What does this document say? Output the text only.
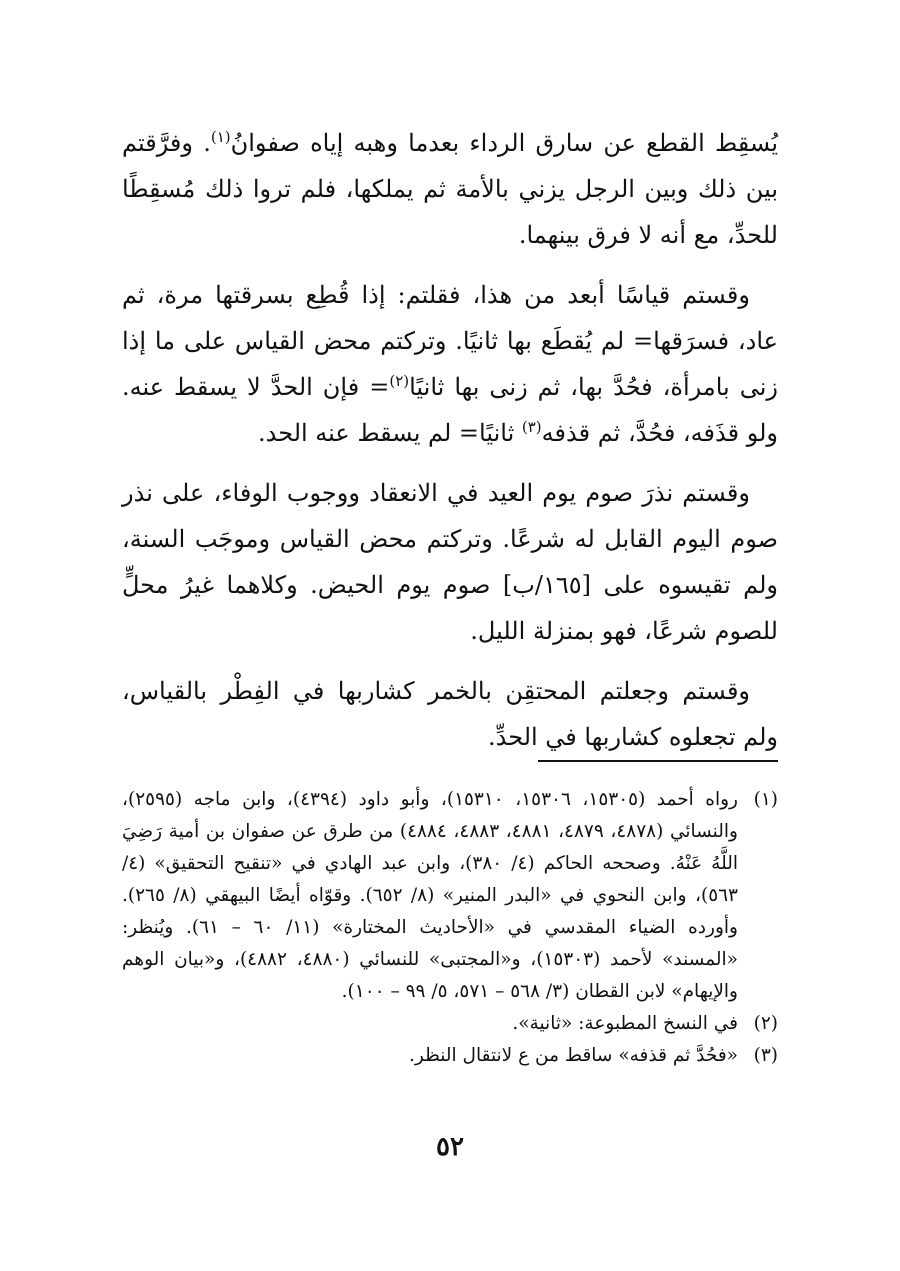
يُسقِط القطع عن سارق الرداء بعدما وهبه إياه صفوانُ$^{(١)}$. وفرَّقتم بين ذلك وبين الرجل يزني بالأمة ثم يملكها، فلم تروا ذلك مُسقِطًا للحدِّ، مع أنه لا فرق بينهما.

وقستم قياسًا أبعد من هذا، فقلتم: إذا قُطِع بسرقتها مرة، ثم عاد، فسرَقها= لم يُقطَع بها ثانيًا. وتركتم محض القياس على ما إذا زنى بامرأة، فحُدَّ بها، ثم زنى بها ثانيًا$^{(٢)}$= فإن الحدَّ لا يسقط عنه. ولو قذَفه، فحُدَّ، ثم قذفه$^{(٣)}$ ثانيًا= لم يسقط عنه الحد.

وقستم نذرَ صوم يوم العيد في الانعقاد ووجوب الوفاء، على نذر صوم اليوم القابل له شرعًا. وتركتم محض القياس وموجَب السنة، ولم تقيسوه على [١٦٥/ب] صوم يوم الحيض. وكلاهما غيرُ محلٍّ للصوم شرعًا، فهو بمنزلة الليل.

وقستم وجعلتم المحتقِن بالخمر كشاربها في الفِطْر بالقياس، ولم تجعلوه كشاربها في الحدِّ.

(١)
رواه أحمد (١٥٣٠٥، ١٥٣٠٦، ١٥٣١٠)، وأبو داود (٤٣٩٤)، وابن ماجه (٢٥٩٥)، والنسائي (٤٨٧٨، ٤٨٧٩، ٤٨٨١، ٤٨٨٣، ٤٨٨٤) من طرق عن صفوان بن أمية رَضِيَ اللَّهُ عَنْهُ. وصححه الحاكم (٤/ ٣٨٠)، وابن عبد الهادي في «تنقيح التحقيق» (٤/ ٥٦٣)، وابن النحوي في «البدر المنير» (٨/ ٦٥٢). وقوّاه أيضًا البيهقي (٨/ ٢٦٥). وأورده الضياء المقدسي في «الأحاديث المختارة» (١١/ ٦٠ – ٦١). ويُنظر: «المسند» لأحمد (١٥٣٠٣)، و«المجتبى» للنسائي (٤٨٨٠، ٤٨٨٢)، و«بيان الوهم والإيهام» لابن القطان (٣/ ٥٦٨ – ٥٧١، ٥/ ٩٩ – ١٠٠).
(٢)
في النسخ المطبوعة: «ثانية».
(٣)
«فحُدَّ ثم قذفه» ساقط من ع لانتقال النظر.
٥٢
